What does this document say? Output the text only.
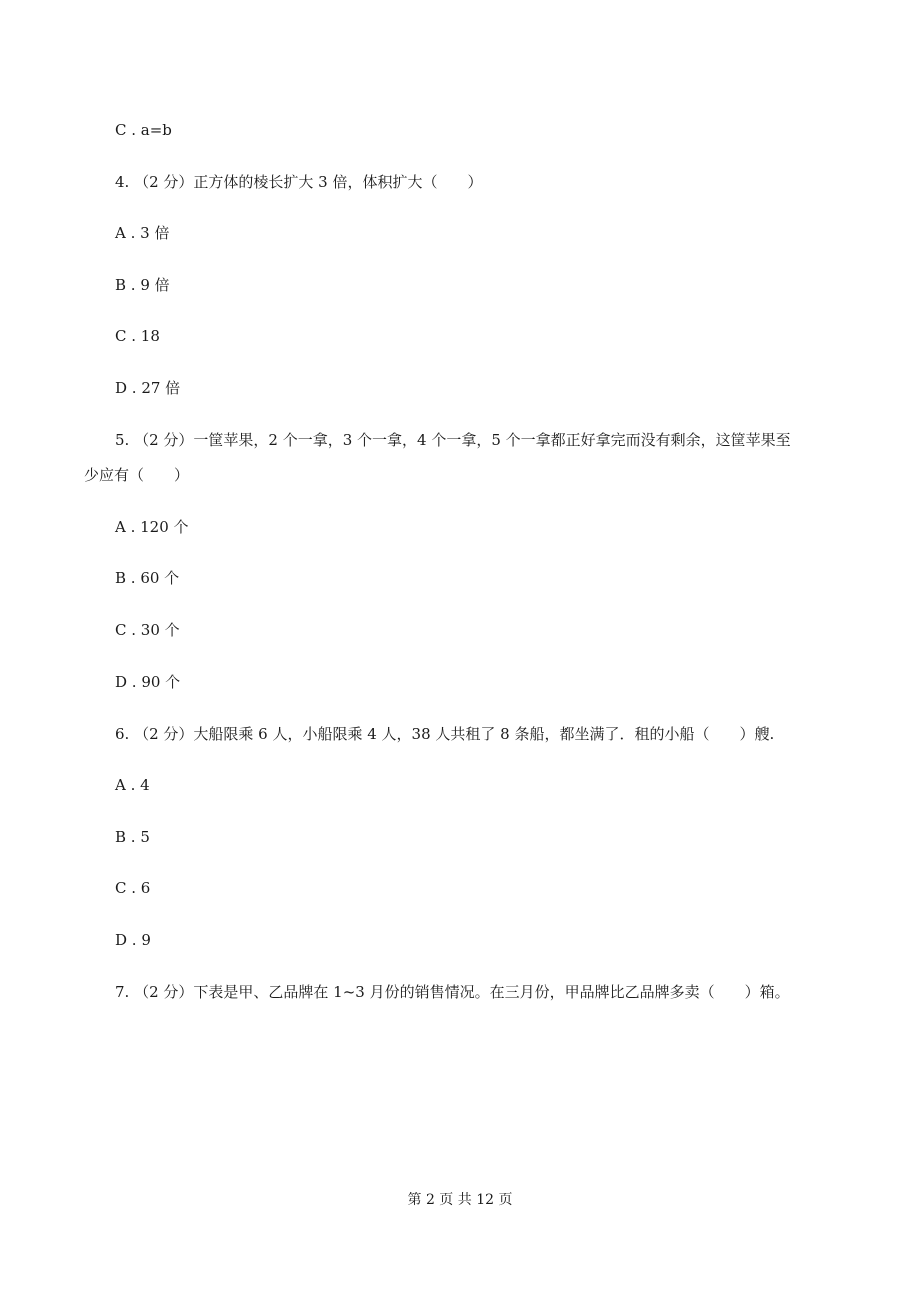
C . a=b
4. （2 分）正方体的棱长扩大 3 倍，体积扩大（　　）
A . 3 倍
B . 9 倍
C . 18
D . 27 倍
5. （2 分）一筐苹果，2 个一拿，3 个一拿，4 个一拿，5 个一拿都正好拿完而没有剩余，这筐苹果至
少应有（　　）
A . 120 个
B . 60 个
C . 30 个
D . 90 个
6. （2 分）大船限乘 6 人，小船限乘 4 人，38 人共租了 8 条船，都坐满了．租的小船（　　）艘.
A . 4
B . 5
C . 6
D . 9
7. （2 分）下表是甲、乙品牌在 1~3 月份的销售情况。在三月份，甲品牌比乙品牌多卖（　　）箱。
第 2 页 共 12 页
